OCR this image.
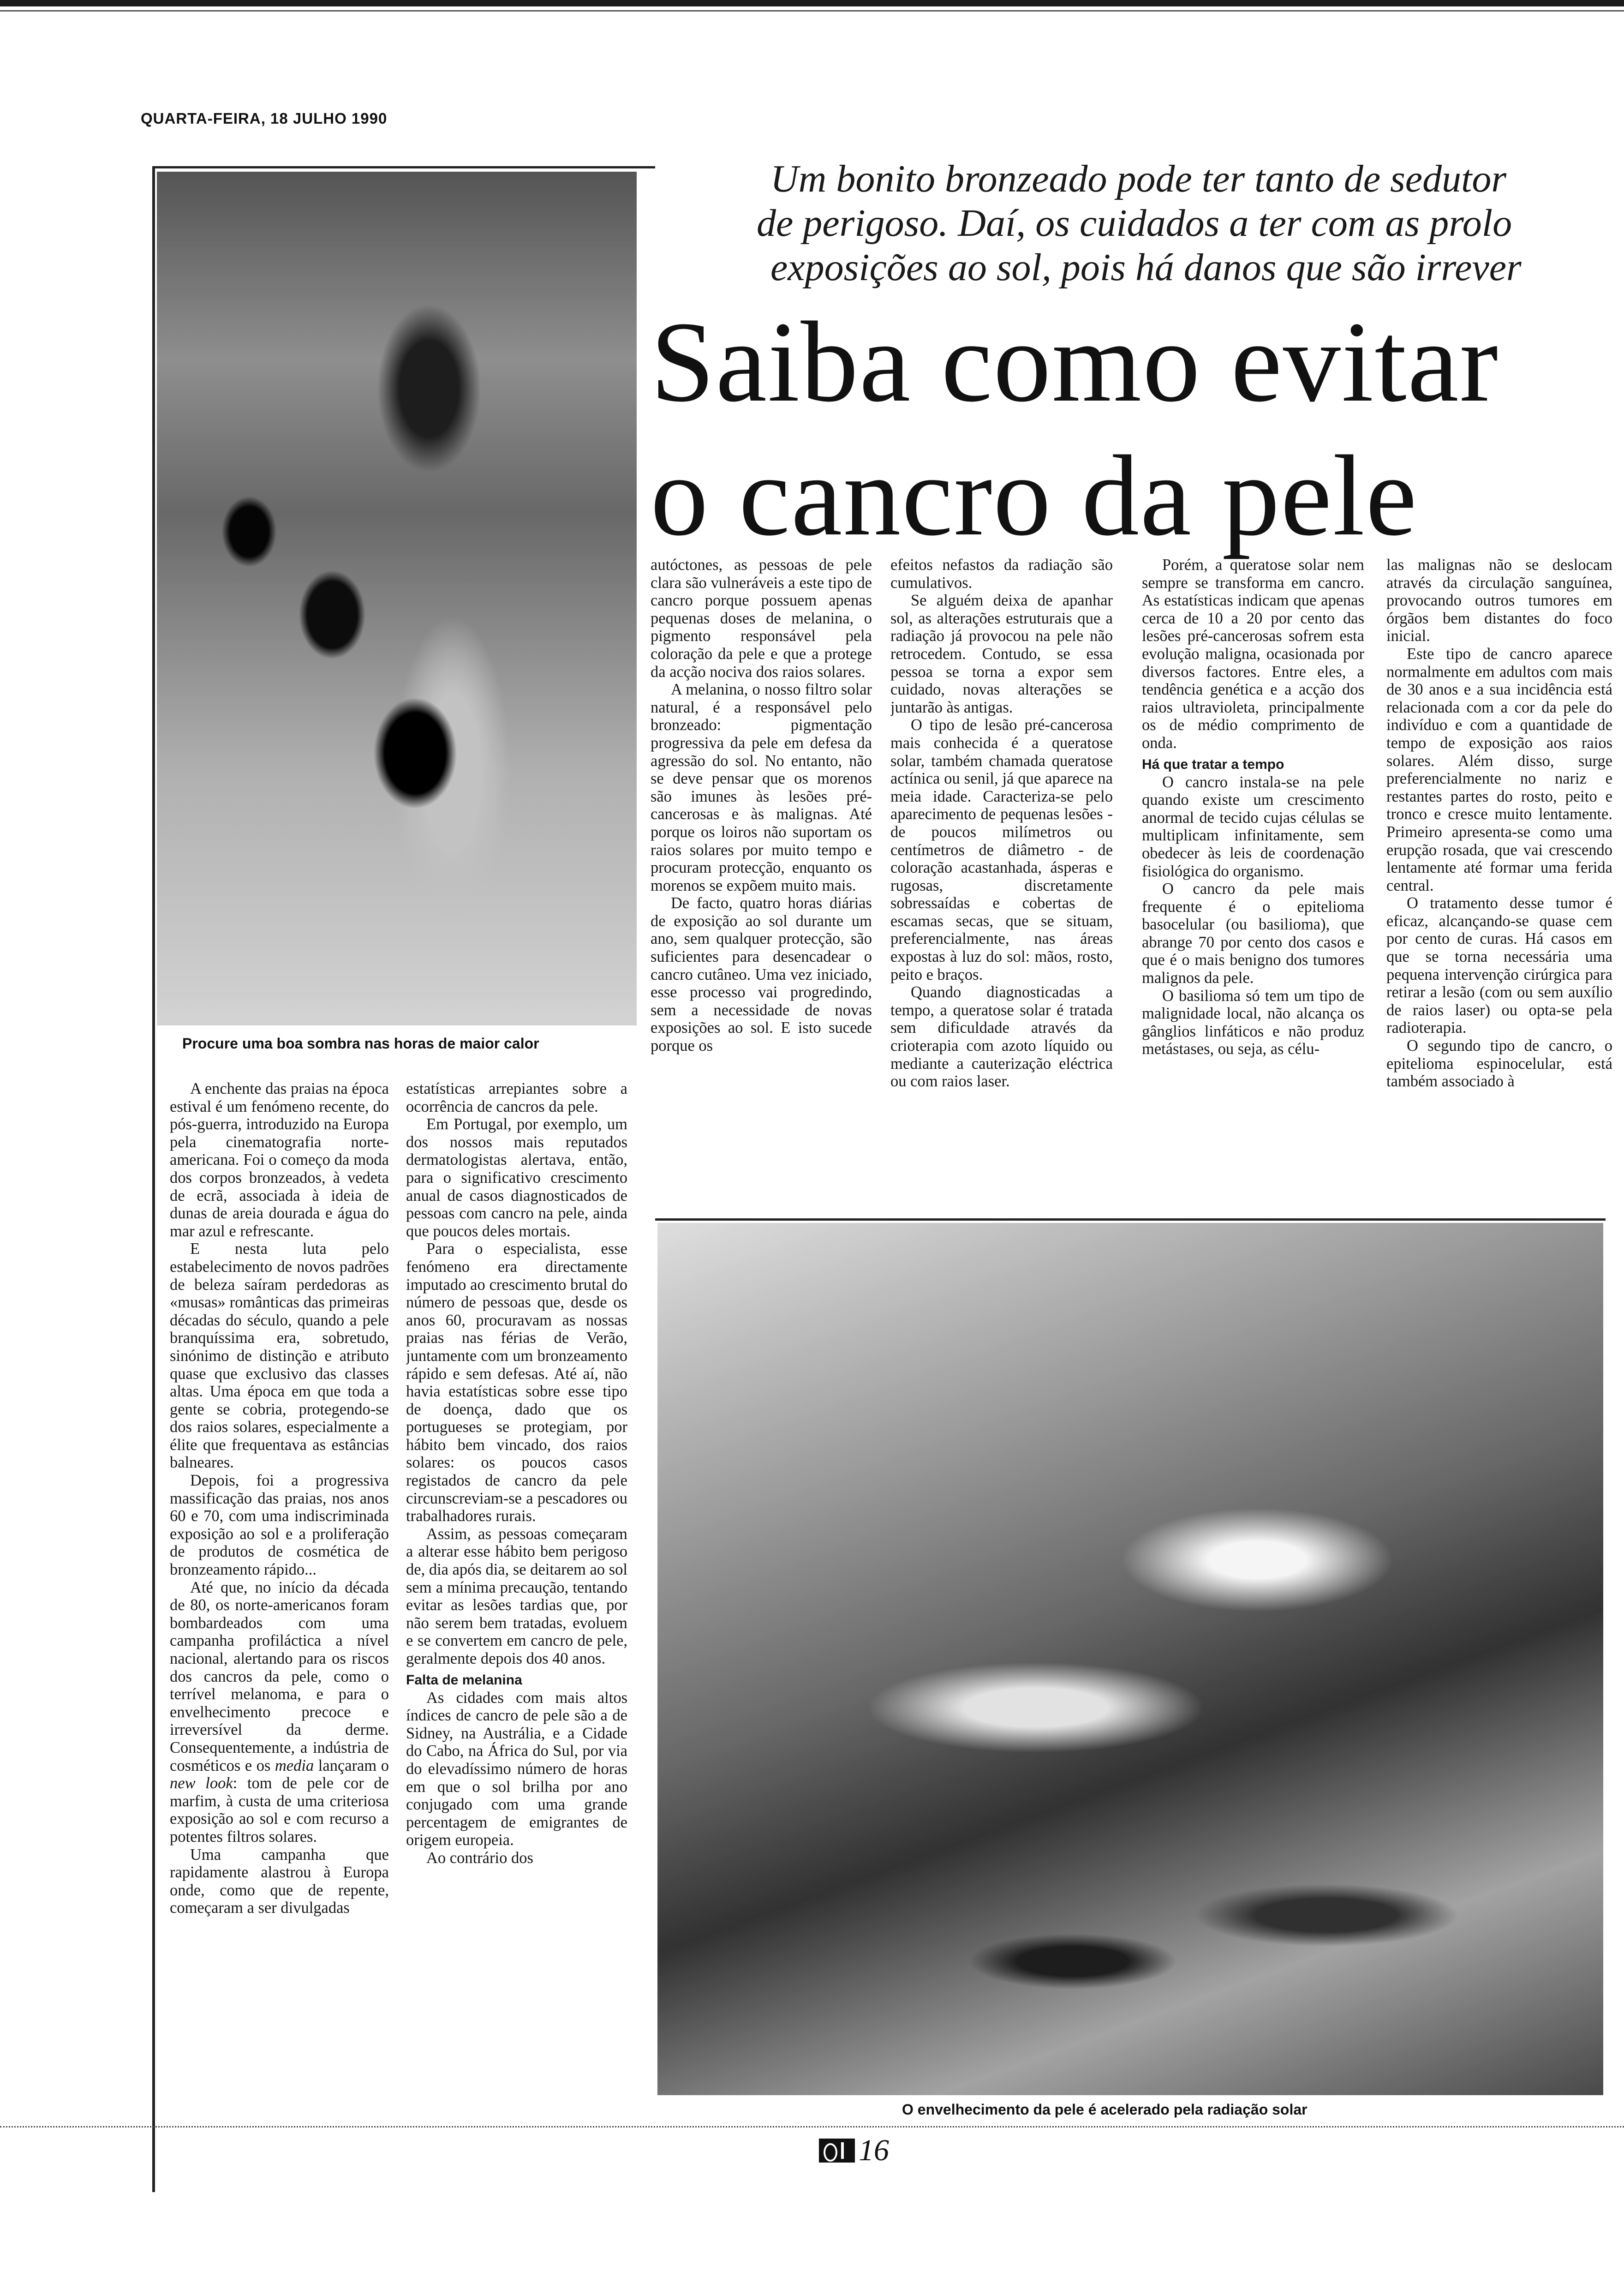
QUARTA-FEIRA, 18 JULHO 1990
Procure uma boa sombra nas horas de maior calor
Um bonito bronzeado pode ter tanto de sedutor
de perigoso. Daí, os cuidados a ter com as prolo
exposições ao sol, pois há danos que são irrever
Saiba como evitar
o cancro da pele

A enchente das praias na época estival é um fenómeno recente, do pós-guerra, introduzido na Europa pela cinematografia norte-americana. Foi o começo da moda dos corpos bronzeados, à vedeta de ecrã, associada à ideia de dunas de areia dourada e água do mar azul e refrescante.

E nesta luta pelo estabelecimento de novos padrões de beleza saíram perdedoras as «musas» românticas das primeiras décadas do século, quando a pele branquíssima era, sobretudo, sinónimo de distinção e atributo quase que exclusivo das classes altas. Uma época em que toda a gente se cobria, protegendo-se dos raios solares, especialmente a élite que frequentava as estâncias balneares.

Depois, foi a progressiva massificação das praias, nos anos 60 e 70, com uma indiscriminada exposição ao sol e a proliferação de produtos de cosmética de bronzeamento rápido...

Até que, no início da década de 80, os norte-americanos foram bombardeados com uma campanha profiláctica a nível nacional, alertando para os riscos dos cancros da pele, como o terrível melanoma, e para o envelhecimento precoce e irreversível da derme. Consequentemente, a indústria de cosméticos e os media lançaram o new look: tom de pele cor de marfim, à custa de uma criteriosa exposição ao sol e com recurso a potentes filtros solares.

Uma campanha que rapidamente alastrou à Europa onde, como que de repente, começaram a ser divulgadas

estatísticas arrepiantes sobre a ocorrência de cancros da pele.

Em Portugal, por exemplo, um dos nossos mais reputados dermatologistas alertava, então, para o significativo crescimento anual de casos diagnosticados de pessoas com cancro na pele, ainda que poucos deles mortais.

Para o especialista, esse fenómeno era directamente imputado ao crescimento brutal do número de pessoas que, desde os anos 60, procuravam as nossas praias nas férias de Verão, juntamente com um bronzeamento rápido e sem defesas. Até aí, não havia estatísticas sobre esse tipo de doença, dado que os portugueses se protegiam, por hábito bem vincado, dos raios solares: os poucos casos registados de cancro da pele circunscreviam-se a pescadores ou trabalhadores rurais.

Assim, as pessoas começaram a alterar esse hábito bem perigoso de, dia após dia, se deitarem ao sol sem a mínima precaução, tentando evitar as lesões tardias que, por não serem bem tratadas, evoluem e se convertem em cancro de pele, geralmente depois dos 40 anos.

Falta de melanina

As cidades com mais altos índices de cancro de pele são a de Sidney, na Austrália, e a Cidade do Cabo, na África do Sul, por via do elevadíssimo número de horas em que o sol brilha por ano conjugado com uma grande percentagem de emigrantes de origem europeia.

Ao contrário dos

autóctones, as pessoas de pele clara são vulneráveis a este tipo de cancro porque possuem apenas pequenas doses de melanina, o pigmento responsável pela coloração da pele e que a protege da acção nociva dos raios solares.

A melanina, o nosso filtro solar natural, é a responsável pelo bronzeado: pigmentação progressiva da pele em defesa da agressão do sol. No entanto, não se deve pensar que os morenos são imunes às lesões pré-cancerosas e às malignas. Até porque os loiros não suportam os raios solares por muito tempo e procuram protecção, enquanto os morenos se expõem muito mais.

De facto, quatro horas diárias de exposição ao sol durante um ano, sem qualquer protecção, são suficientes para desencadear o cancro cutâneo. Uma vez iniciado, esse processo vai progredindo, sem a necessidade de novas exposições ao sol. E isto sucede porque os

efeitos nefastos da radiação são cumulativos.

Se alguém deixa de apanhar sol, as alterações estruturais que a radiação já provocou na pele não retrocedem. Contudo, se essa pessoa se torna a expor sem cuidado, novas alterações se juntarão às antigas.

O tipo de lesão pré-cancerosa mais conhecida é a queratose solar, também chamada queratose actínica ou senil, já que aparece na meia idade. Caracteriza-se pelo aparecimento de pequenas lesões - de poucos milímetros ou centímetros de diâmetro - de coloração acastanhada, ásperas e rugosas, discretamente sobressaídas e cobertas de escamas secas, que se situam, preferencialmente, nas áreas expostas à luz do sol: mãos, rosto, peito e braços.

Quando diagnosticadas a tempo, a queratose solar é tratada sem dificuldade através da crioterapia com azoto líquido ou mediante a cauterização eléctrica ou com raios laser.

Porém, a queratose solar nem sempre se transforma em cancro. As estatísticas indicam que apenas cerca de 10 a 20 por cento das lesões pré-cancerosas sofrem esta evolução maligna, ocasionada por diversos factores. Entre eles, a tendência genética e a acção dos raios ultravioleta, principalmente os de médio comprimento de onda.

Há que tratar a tempo

O cancro instala-se na pele quando existe um crescimento anormal de tecido cujas células se multiplicam infinitamente, sem obedecer às leis de coordenação fisiológica do organismo.

O cancro da pele mais frequente é o epitelioma basocelular (ou basilioma), que abrange 70 por cento dos casos e que é o mais benigno dos tumores malignos da pele.

O basilioma só tem um tipo de malignidade local, não alcança os gânglios linfáticos e não produz metástases, ou seja, as célu-

las malignas não se deslocam através da circulação sanguínea, provocando outros tumores em órgãos bem distantes do foco inicial.

Este tipo de cancro aparece normalmente em adultos com mais de 30 anos e a sua incidência está relacionada com a cor da pele do indivíduo e com a quantidade de tempo de exposição aos raios solares. Além disso, surge preferencialmente no nariz e restantes partes do rosto, peito e tronco e cresce muito lentamente. Primeiro apresenta-se como uma erupção rosada, que vai crescendo lentamente até formar uma ferida central.

O tratamento desse tumor é eficaz, alcançando-se quase cem por cento de curas. Há casos em que se torna necessária uma pequena intervenção cirúrgica para retirar a lesão (com ou sem auxílio de raios laser) ou opta-se pela radioterapia.

O segundo tipo de cancro, o epitelioma espinocelular, está também associado à

O envelhecimento da pele é acelerado pela radiação solar
16
